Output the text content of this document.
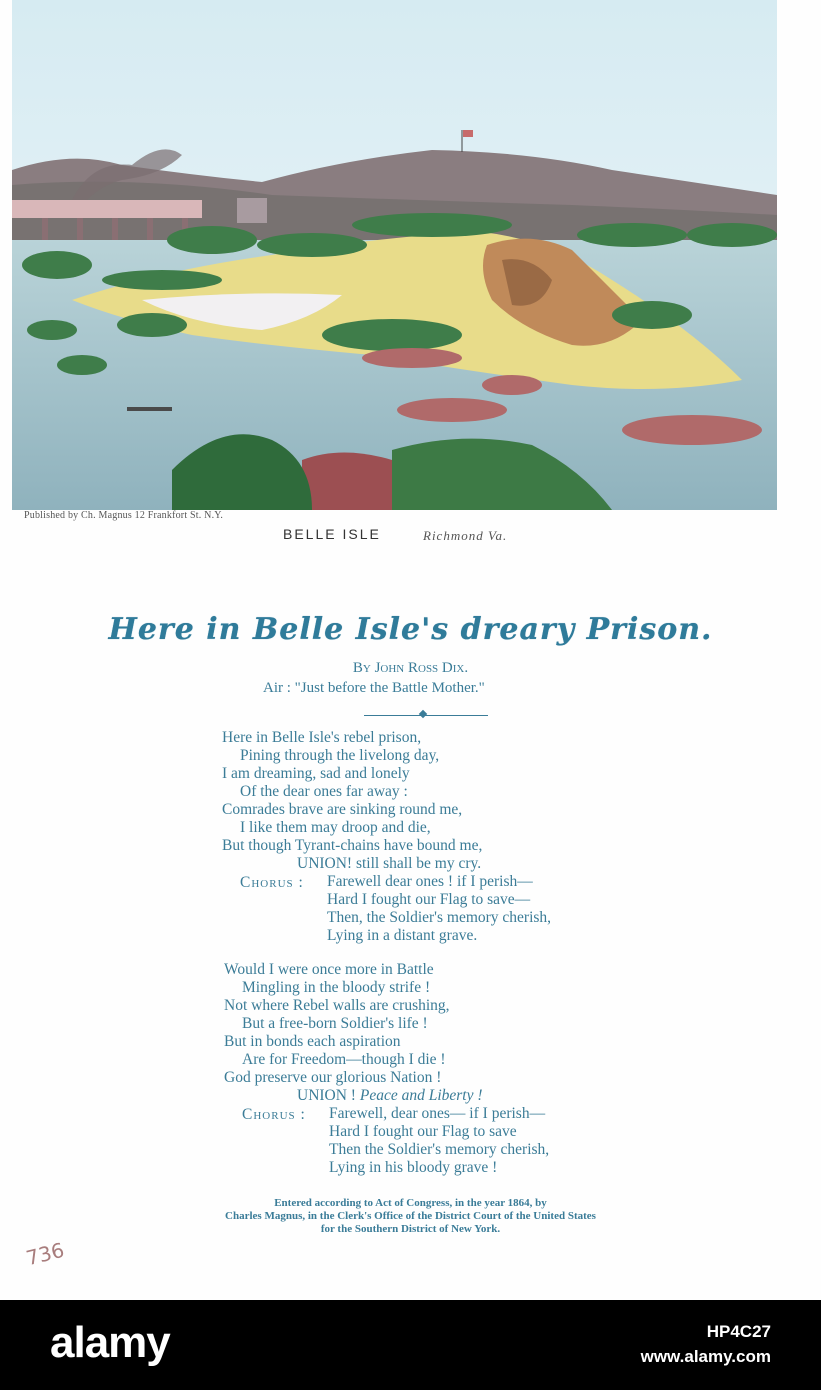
Published by Ch. Magnus 12 Frankfort St. N.Y.
BELLE ISLE	Richmond Va.
Here in Belle Isle's dreary Prison.
By John Ross Dix.
Air : "Just before the Battle Mother."
Here in Belle Isle's rebel prison,
Pining through the livelong day,
I am dreaming, sad and lonely
Of the dear ones far away :
Comrades brave are sinking round me,
I like them may droop and die,
But though Tyrant-chains have bound me,
UNION! still shall be my cry.
Chorus : Farewell dear ones ! if I perish—
Hard I fought our Flag to save—
Then, the Soldier's memory cherish,
Lying in a distant grave.
Would I were once more in Battle
Mingling in the bloody strife !
Not where Rebel walls are crushing,
But a free-born Soldier's life !
But in bonds each aspiration
Are for Freedom—though I die !
God preserve our glorious Nation !
UNION ! Peace and Liberty !
Chorus : Farewell, dear ones— if I perish—
Hard I fought our Flag to save
Then the Soldier's memory cherish,
Lying in his bloody grave !
Entered according to Act of Congress, in the year 1864, by
Charles Magnus, in the Clerk's Office of the District Court of the United States
for the Southern District of New York.
736
alamy	HP4C27
www.alamy.com
